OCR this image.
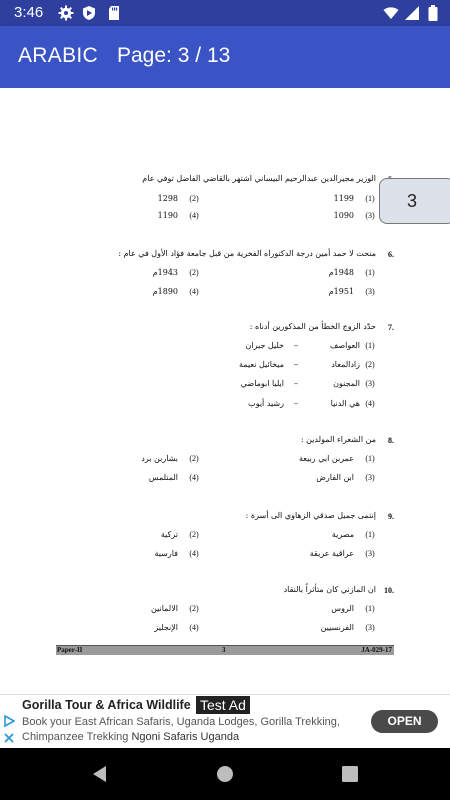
3:46
ARABIC Page: 3 / 13
الوزير مجيرالدين عبدالرحيم البيساني اشتهر بالقاضي الفاضل توفي عام
1199 (1)
1298 (2)
1090 (3)
1190 (4)
6.
منحت لا حمد أمين درجة الدكتوراه الفخرية من قبل جامعة فؤاد الأول في عام :
1948م (1)
1943م (2)
1951م (3)
1890م (4)
7.
حدّد الزوج الخطأ من المذكورين أدناه :
خليل جبران –	العواصف (1)
ميخائيل نعيمة –	زادالمعاد (2)
ايليا ابوماضي –	المجنون (3)
رشيد أيوب –	هي الدنيا (4)
8.
من الشعراء المولدين :
عمربن ابي ربيعة (1)
بشاربن برد (2)
ابن الفارض (3)
المتلمس (4)
9.
إنتمى جميل صدقي الزهاوي الى أسرة :
مصرية (1)
تركية (2)
عراقية عريقة (3)
فارسية (4)
10.
ان المازني كان متأثراً بالنقاد
الروس (1)
الالمانين (2)
الفرنسيين (3)
الإنجليز (4)
Paper-II	3	JA-029-17
3
Gorilla Tour & Africa Wildlife Test Ad
Book your East African Safaris, Uganda Lodges, Gorilla Trekking, Chimpanzee Trekking Ngoni Safaris Uganda
OPEN
